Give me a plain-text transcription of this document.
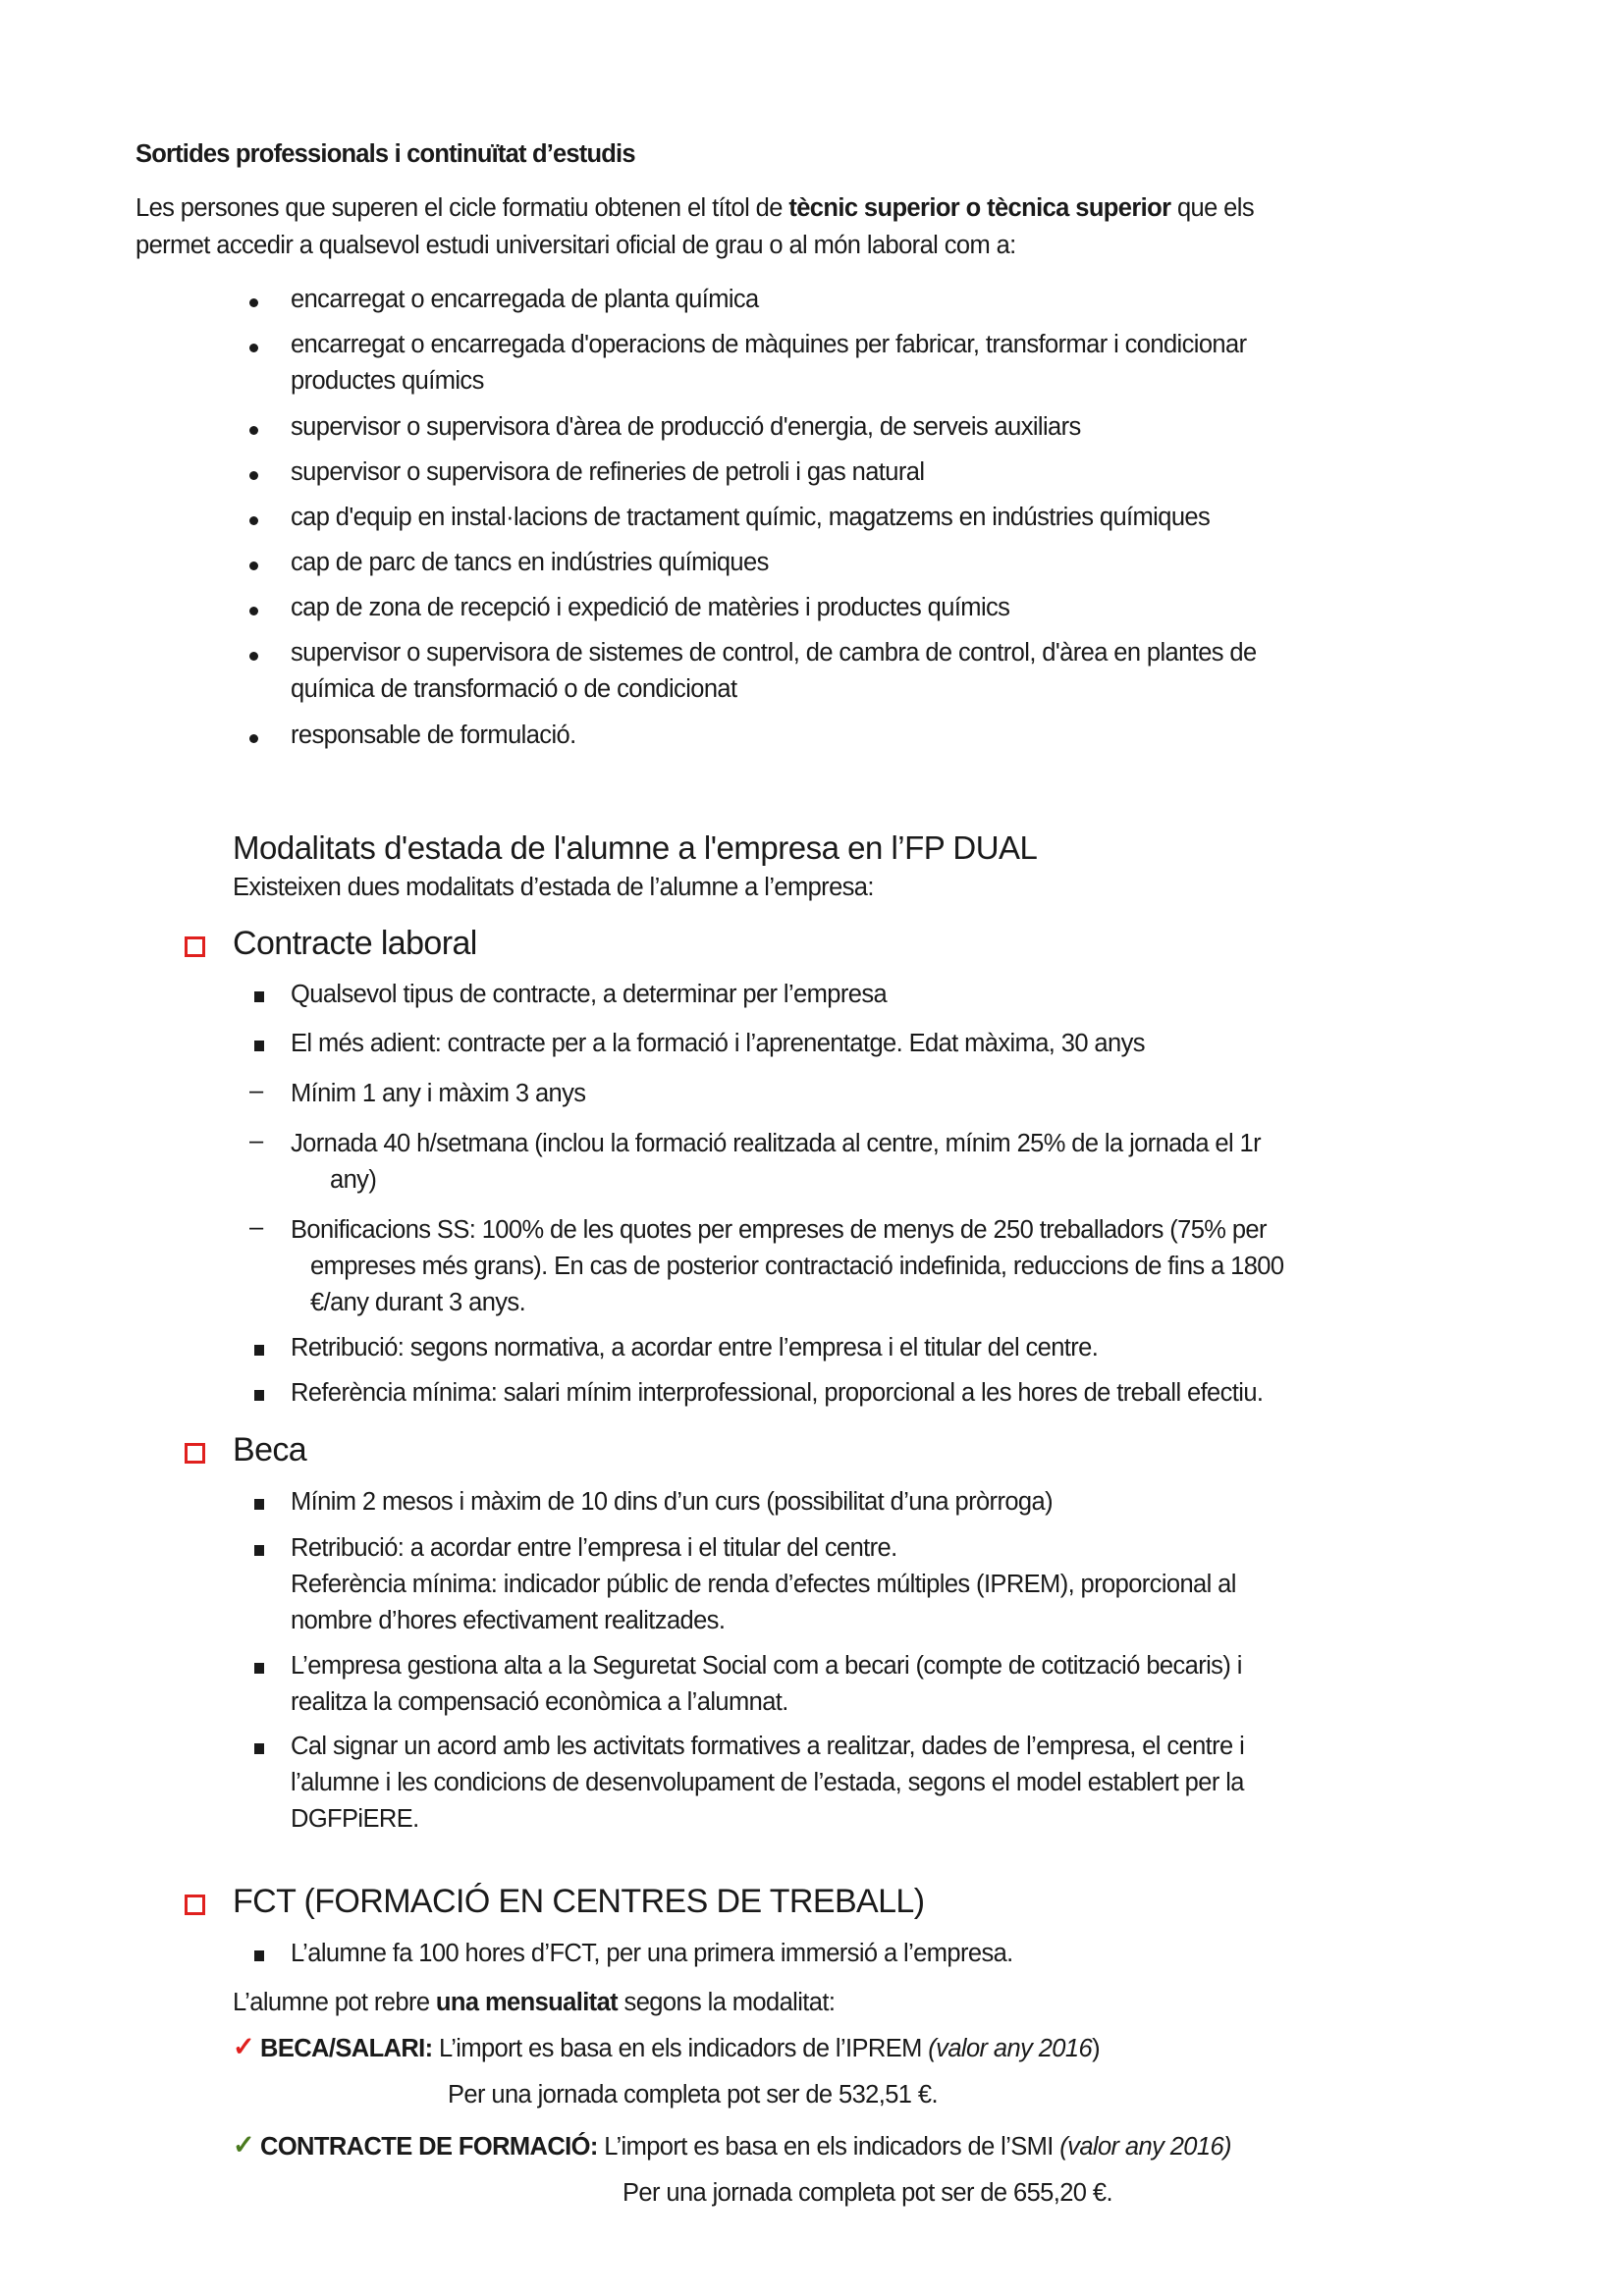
Sortides professionals i continuïtat d’estudis
Les persones que superen el cicle formatiu obtenen el títol de tècnic superior o tècnica superior que els
permet accedir a qualsevol estudi universitari oficial de grau o al món laboral com a:
encarregat o encarregada de planta química
encarregat o encarregada d'operacions de màquines per fabricar, transformar i condicionar
productes químics
supervisor o supervisora d'àrea de producció d'energia, de serveis auxiliars
supervisor o supervisora de refineries de petroli i gas natural
cap d'equip en instal·lacions de tractament químic, magatzems en indústries químiques
cap de parc de tancs en indústries químiques
cap de zona de recepció i expedició de matèries i productes químics
supervisor o supervisora de sistemes de control, de cambra de control, d'àrea en plantes de
química de transformació o de condicionat
responsable de formulació.
Modalitats d'estada de l'alumne a l'empresa en l’FP DUAL
Existeixen dues modalitats d’estada de l’alumne a l’empresa:
Contracte laboral
Qualsevol tipus de contracte, a determinar per l’empresa
El més adient: contracte per a la formació i l’aprenentatge. Edat màxima, 30 anys
– Mínim 1 any i màxim 3 anys
– Jornada 40 h/setmana (inclou la formació realitzada al centre, mínim 25% de la jornada el 1r
any)
– Bonificacions SS: 100% de les quotes per empreses de menys de 250 treballadors (75% per
empreses més grans). En cas de posterior contractació indefinida, reduccions de fins a 1800
€/any durant 3 anys.
Retribució: segons normativa, a acordar entre l’empresa i el titular del centre.
Referència mínima: salari mínim interprofessional, proporcional a les hores de treball efectiu.
Beca
Mínim 2 mesos i màxim de 10 dins d’un curs (possibilitat d’una pròrroga)
Retribució: a acordar entre l’empresa i el titular del centre.
Referència mínima: indicador públic de renda d’efectes múltiples (IPREM), proporcional al
nombre d’hores efectivament realitzades.
L’empresa gestiona alta a la Seguretat Social com a becari (compte de cotització becaris) i
realitza la compensació econòmica a l’alumnat.
Cal signar un acord amb les activitats formatives a realitzar, dades de l’empresa, el centre i
l’alumne i les condicions de desenvolupament de l’estada, segons el model establert per la
DGFPiERE.
FCT (FORMACIÓ EN CENTRES DE TREBALL)
L’alumne fa 100 hores d’FCT, per una primera immersió a l’empresa.
L’alumne pot rebre una mensualitat segons la modalitat:
✓ BECA/SALARI: L’import es basa en els indicadors de l’IPREM (valor any 2016)
Per una jornada completa pot ser de 532,51 €.
✓ CONTRACTE DE FORMACIÓ: L’import es basa en els indicadors de l’SMI (valor any 2016)
Per una jornada completa pot ser de 655,20 €.
